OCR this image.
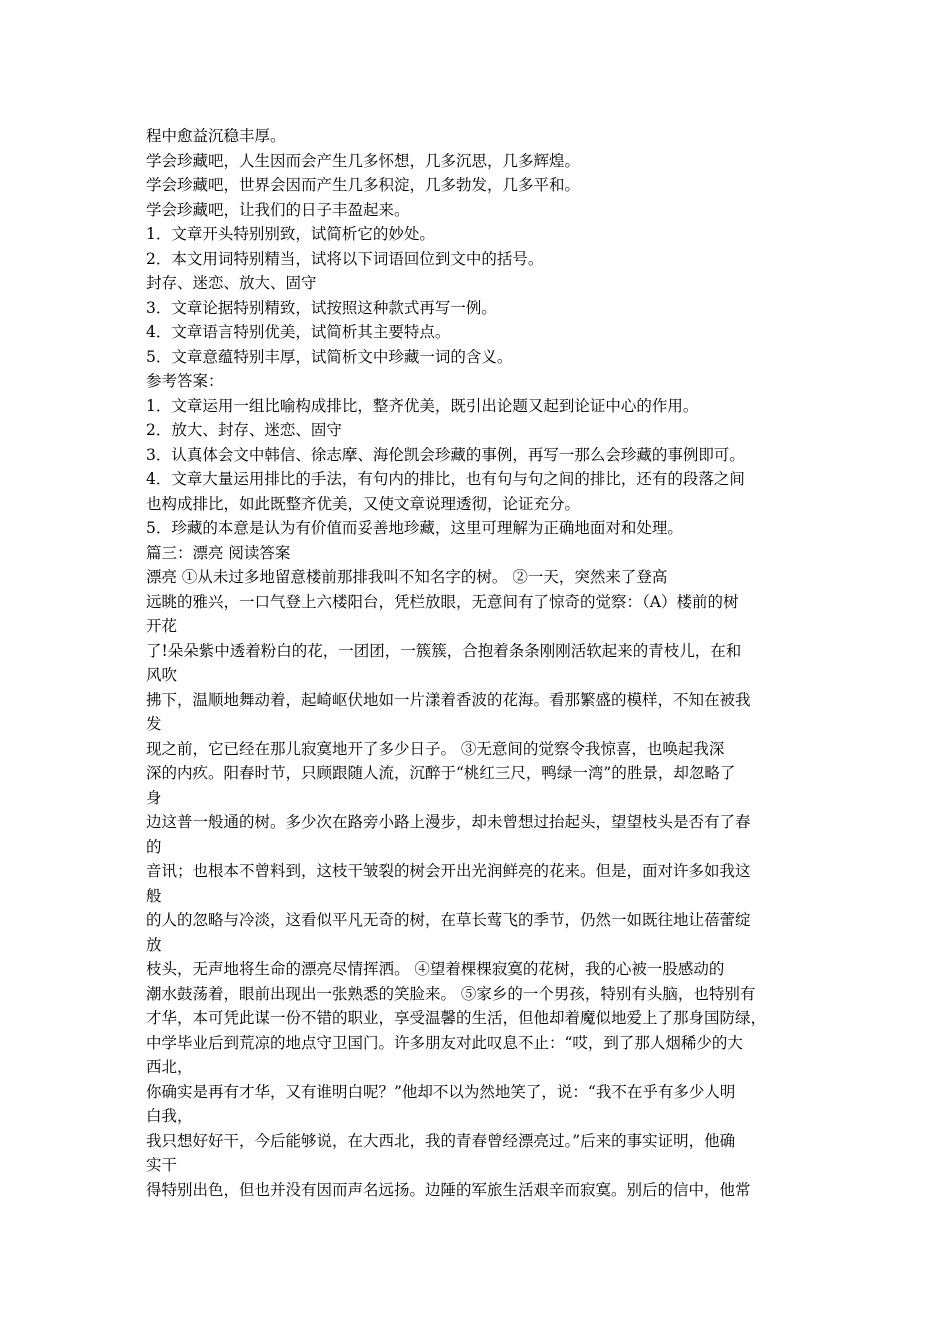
程中愈益沉稳丰厚。
学会珍藏吧，人生因而会产生几多怀想，几多沉思，几多辉煌。
学会珍藏吧，世界会因而产生几多积淀，几多勃发，几多平和。
学会珍藏吧，让我们的日子丰盈起来。
1．文章开头特别别致，试简析它的妙处。
2．本文用词特别精当，试将以下词语回位到文中的括号。
封存、迷恋、放大、固守
3．文章论据特别精致，试按照这种款式再写一例。
4．文章语言特别优美，试简析其主要特点。
5．文章意蕴特别丰厚，试简析文中珍藏一词的含义。
参考答案：
1．文章运用一组比喻构成排比，整齐优美，既引出论题又起到论证中心的作用。
2．放大、封存、迷恋、固守
3．认真体会文中韩信、徐志摩、海伦凯会珍藏的事例，再写一那么会珍藏的事例即可。
4．文章大量运用排比的手法，有句内的排比，也有句与句之间的排比，还有的段落之间
也构成排比，如此既整齐优美，又使文章说理透彻，论证充分。
5．珍藏的本意是认为有价值而妥善地珍藏，这里可理解为正确地面对和处理。
篇三：漂亮 阅读答案
漂亮 ①从未过多地留意楼前那排我叫不知名字的树。 ②一天，突然来了登高
远眺的雅兴，一口气登上六楼阳台，凭栏放眼，无意间有了惊奇的觉察：（A）楼前的树
开花
了!朵朵紫中透着粉白的花，一团团，一簇簇，合抱着条条刚刚活软起来的青枝儿，在和
风吹
拂下，温顺地舞动着，起崎岖伏地如一片漾着香波的花海。看那繁盛的模样，不知在被我
发
现之前，它已经在那儿寂寞地开了多少日子。 ③无意间的觉察令我惊喜，也唤起我深
深的内疚。阳春时节，只顾跟随人流，沉醉于“桃红三尺，鸭绿一湾”的胜景，却忽略了
身
边这普一般通的树。多少次在路旁小路上漫步，却未曾想过抬起头，望望枝头是否有了春
的
音讯；也根本不曾料到，这枝干皱裂的树会开出光润鲜亮的花来。但是，面对许多如我这
般
的人的忽略与冷淡，这看似平凡无奇的树，在草长莺飞的季节，仍然一如既往地让蓓蕾绽
放
枝头，无声地将生命的漂亮尽情挥洒。 ④望着棵棵寂寞的花树，我的心被一股感动的
潮水鼓荡着，眼前出现出一张熟悉的笑脸来。 ⑤家乡的一个男孩，特别有头脑，也特别有
才华，本可凭此谋一份不错的职业，享受温馨的生活，但他却着魔似地爱上了那身国防绿，
中学毕业后到荒凉的地点守卫国门。许多朋友对此叹息不止：“哎，到了那人烟稀少的大
西北，
你确实是再有才华，又有谁明白呢？”他却不以为然地笑了，说：“我不在乎有多少人明
白我，
我只想好好干，今后能够说，在大西北，我的青春曾经漂亮过。”后来的事实证明，他确
实干
得特别出色，但也并没有因而声名远扬。边陲的军旅生活艰辛而寂寞。别后的信中，他常
